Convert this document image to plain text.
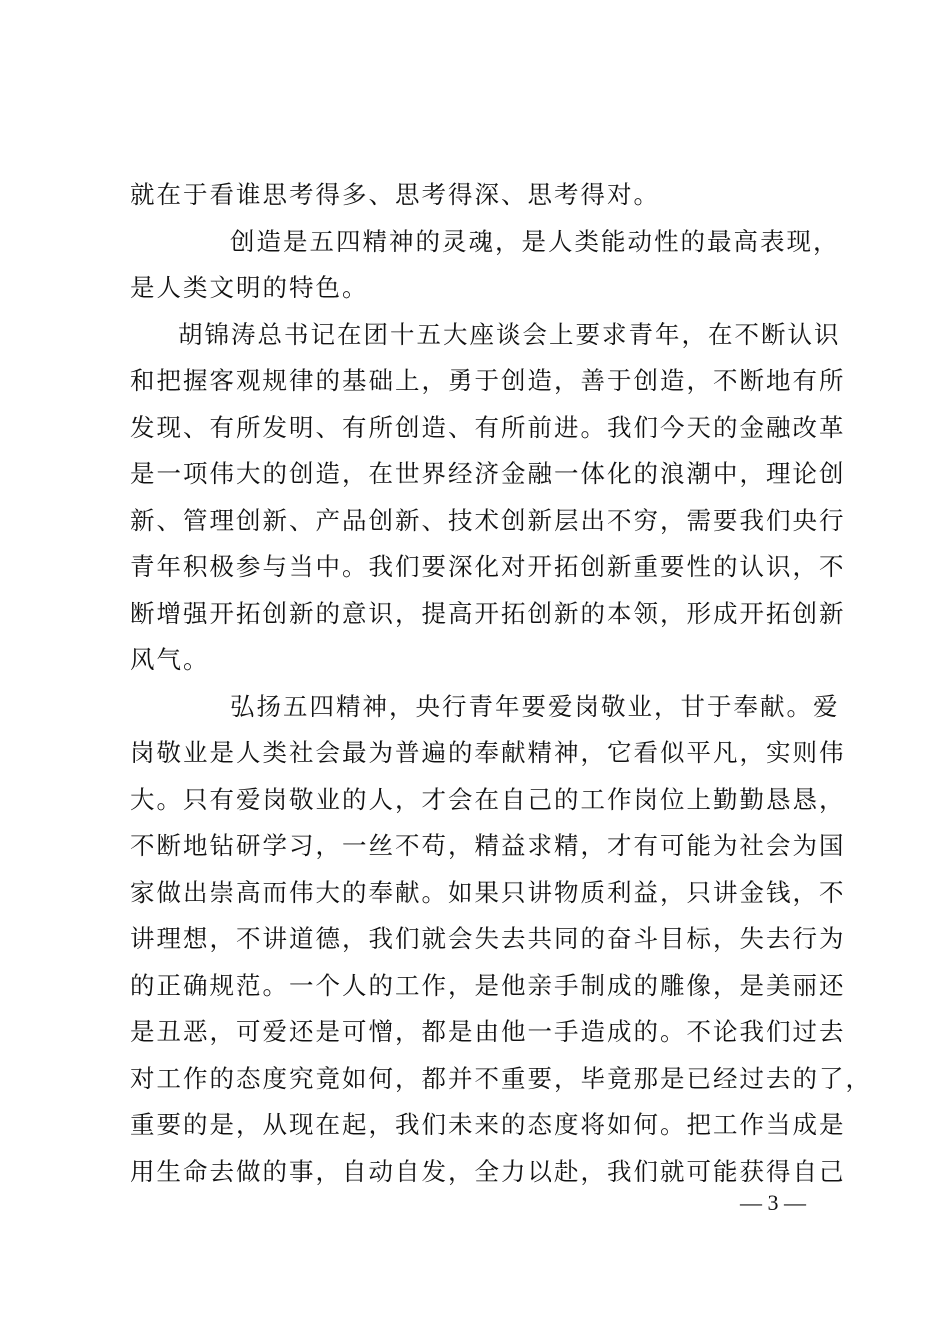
就在于看谁思考得多、思考得深、思考得对。
创造是五四精神的灵魂，是人类能动性的最高表现，
是人类文明的特色。
胡锦涛总书记在团十五大座谈会上要求青年，在不断认识
和把握客观规律的基础上，勇于创造，善于创造，不断地有所
发现、有所发明、有所创造、有所前进。我们今天的金融改革
是一项伟大的创造，在世界经济金融一体化的浪潮中，理论创
新、管理创新、产品创新、技术创新层出不穷，需要我们央行
青年积极参与当中。我们要深化对开拓创新重要性的认识，不
断增强开拓创新的意识，提高开拓创新的本领，形成开拓创新
风气。
弘扬五四精神，央行青年要爱岗敬业，甘于奉献。爱
岗敬业是人类社会最为普遍的奉献精神，它看似平凡，实则伟
大。只有爱岗敬业的人，才会在自己的工作岗位上勤勤恳恳，
不断地钻研学习，一丝不苟，精益求精，才有可能为社会为国
家做出崇高而伟大的奉献。如果只讲物质利益，只讲金钱，不
讲理想，不讲道德，我们就会失去共同的奋斗目标，失去行为
的正确规范。一个人的工作，是他亲手制成的雕像，是美丽还
是丑恶，可爱还是可憎，都是由他一手造成的。不论我们过去
对工作的态度究竟如何，都并不重要，毕竟那是已经过去的了，
重要的是，从现在起，我们未来的态度将如何。把工作当成是
用生命去做的事，自动自发，全力以赴，我们就可能获得自己
— 3 —
